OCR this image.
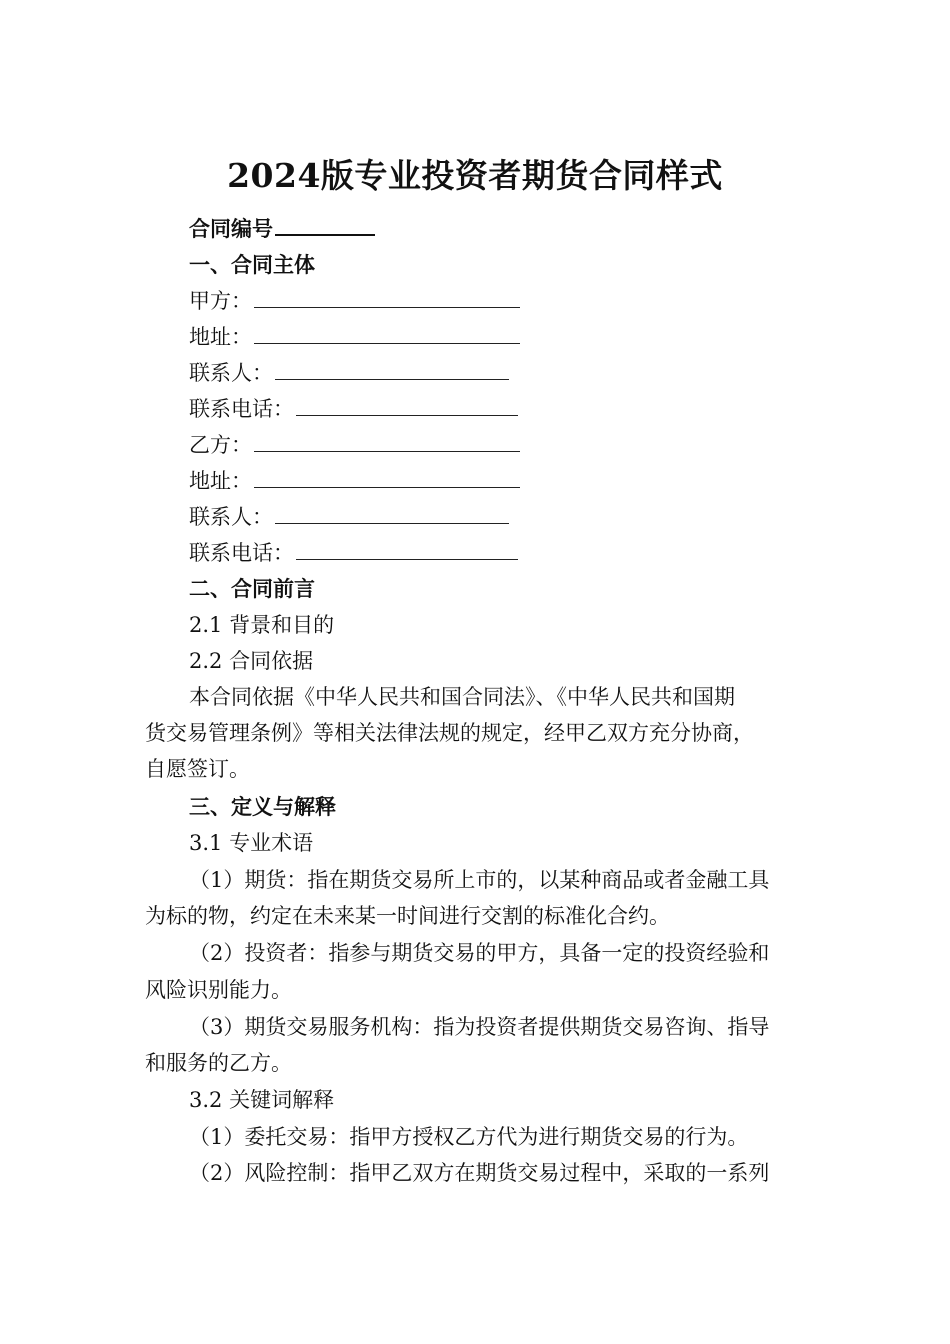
2024版专业投资者期货合同样式
合同编号
一、合同主体
甲方：
地址：
联系人：
联系电话：
乙方：
地址：
联系人：
联系电话：
二、合同前言
2.1 背景和目的
2.2 合同依据
本合同依据《中华人民共和国合同法》、《中华人民共和国期
货交易管理条例》等相关法律法规的规定，经甲乙双方充分协商，
自愿签订。
三、定义与解释
3.1 专业术语
（1）期货：指在期货交易所上市的，以某种商品或者金融工具
为标的物，约定在未来某一时间进行交割的标准化合约。
（2）投资者：指参与期货交易的甲方，具备一定的投资经验和
风险识别能力。
（3）期货交易服务机构：指为投资者提供期货交易咨询、指导
和服务的乙方。
3.2 关键词解释
（1）委托交易：指甲方授权乙方代为进行期货交易的行为。
（2）风险控制：指甲乙双方在期货交易过程中，采取的一系列
